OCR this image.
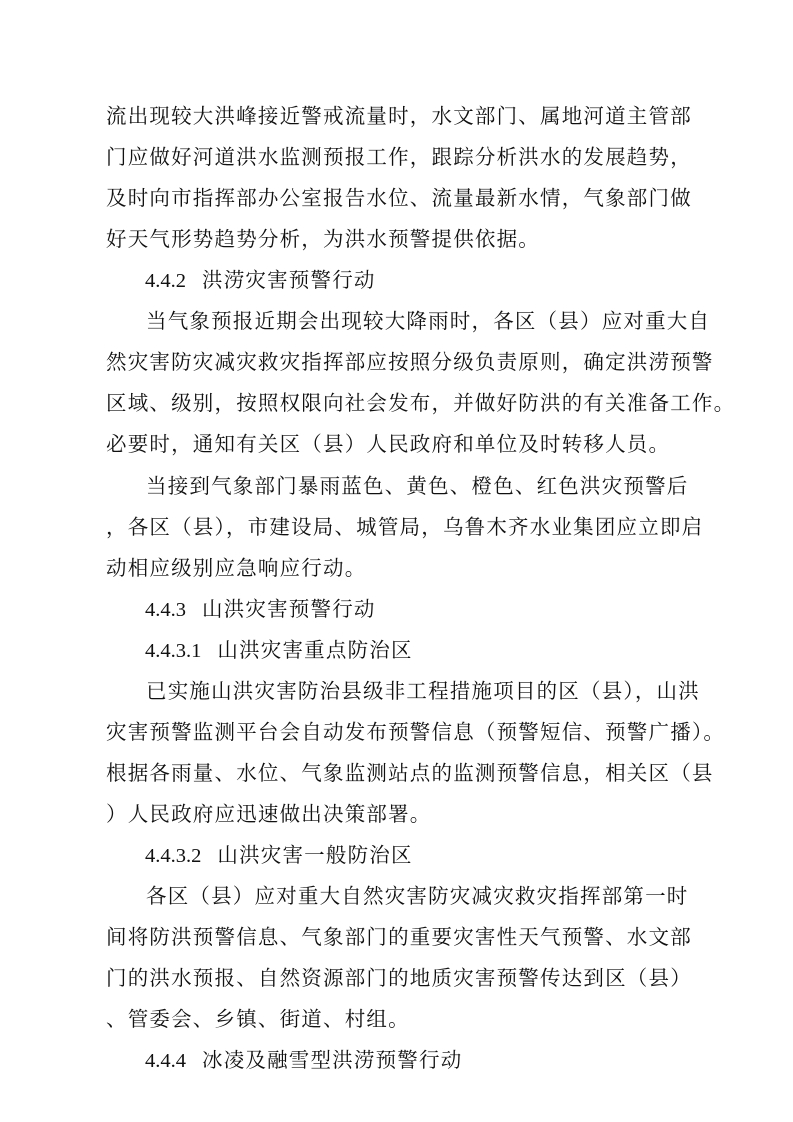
流出现较大洪峰接近警戒流量时，水文部门、属地河道主管部
门应做好河道洪水监测预报工作，跟踪分析洪水的发展趋势，
及时向市指挥部办公室报告水位、流量最新水情，气象部门做
好天气形势趋势分析，为洪水预警提供依据。
4.4.2 洪涝灾害预警行动
当气象预报近期会出现较大降雨时，各区（县）应对重大自
然灾害防灾减灾救灾指挥部应按照分级负责原则，确定洪涝预警
区域、级别，按照权限向社会发布，并做好防洪的有关准备工作。
必要时，通知有关区（县）人民政府和单位及时转移人员。
当接到气象部门暴雨蓝色、黄色、橙色、红色洪灾预警后
，各区（县），市建设局、城管局，乌鲁木齐水业集团应立即启
动相应级别应急响应行动。
4.4.3 山洪灾害预警行动
4.4.3.1 山洪灾害重点防治区
已实施山洪灾害防治县级非工程措施项目的区（县），山洪
灾害预警监测平台会自动发布预警信息（预警短信、预警广播）。
根据各雨量、水位、气象监测站点的监测预警信息，相关区（县
）人民政府应迅速做出决策部署。
4.4.3.2 山洪灾害一般防治区
各区（县）应对重大自然灾害防灾减灾救灾指挥部第一时
间将防洪预警信息、气象部门的重要灾害性天气预警、水文部
门的洪水预报、自然资源部门的地质灾害预警传达到区（县）
、管委会、乡镇、街道、村组。
4.4.4 冰凌及融雪型洪涝预警行动
